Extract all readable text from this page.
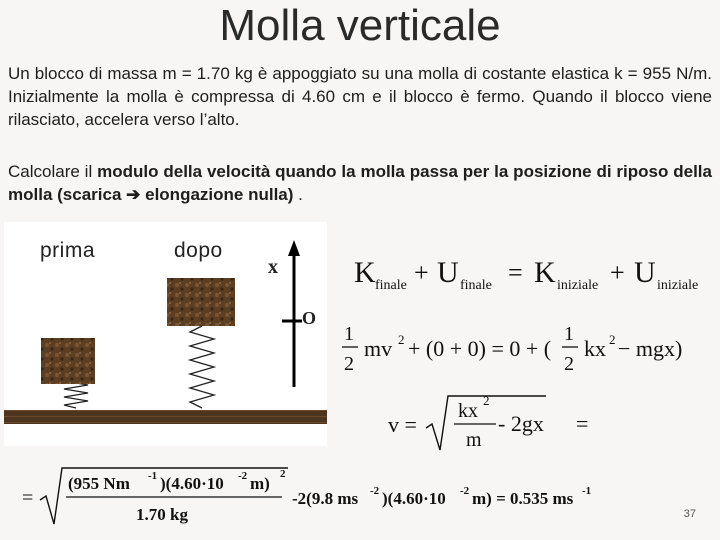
Molla verticale
Un blocco di massa m = 1.70 kg è appoggiato su una molla di costante elastica k = 955 N/m. Inizialmente la molla è compressa di 4.60 cm e il blocco è fermo. Quando il blocco viene rilasciato, accelera verso l’alto.
Calcolare il modulo della velocità quando la molla passa per la posizione di riposo della molla (scarica ➔ elongazione nulla) .
prima	dopo
x
O
K finale + U finale = K iniziale + U iniziale
1
2
mv 2 + (0 + 0) = 0 + (
1
2
kx 2 − mgx)
v =
kx 2
m
- 2gx =
=
(955 Nm -1 )(4.60·10 -2 m) 2
1.70 kg
-2(9.8 ms -2 )(4.60·10 -2 m) = 0.535 ms -1
37
